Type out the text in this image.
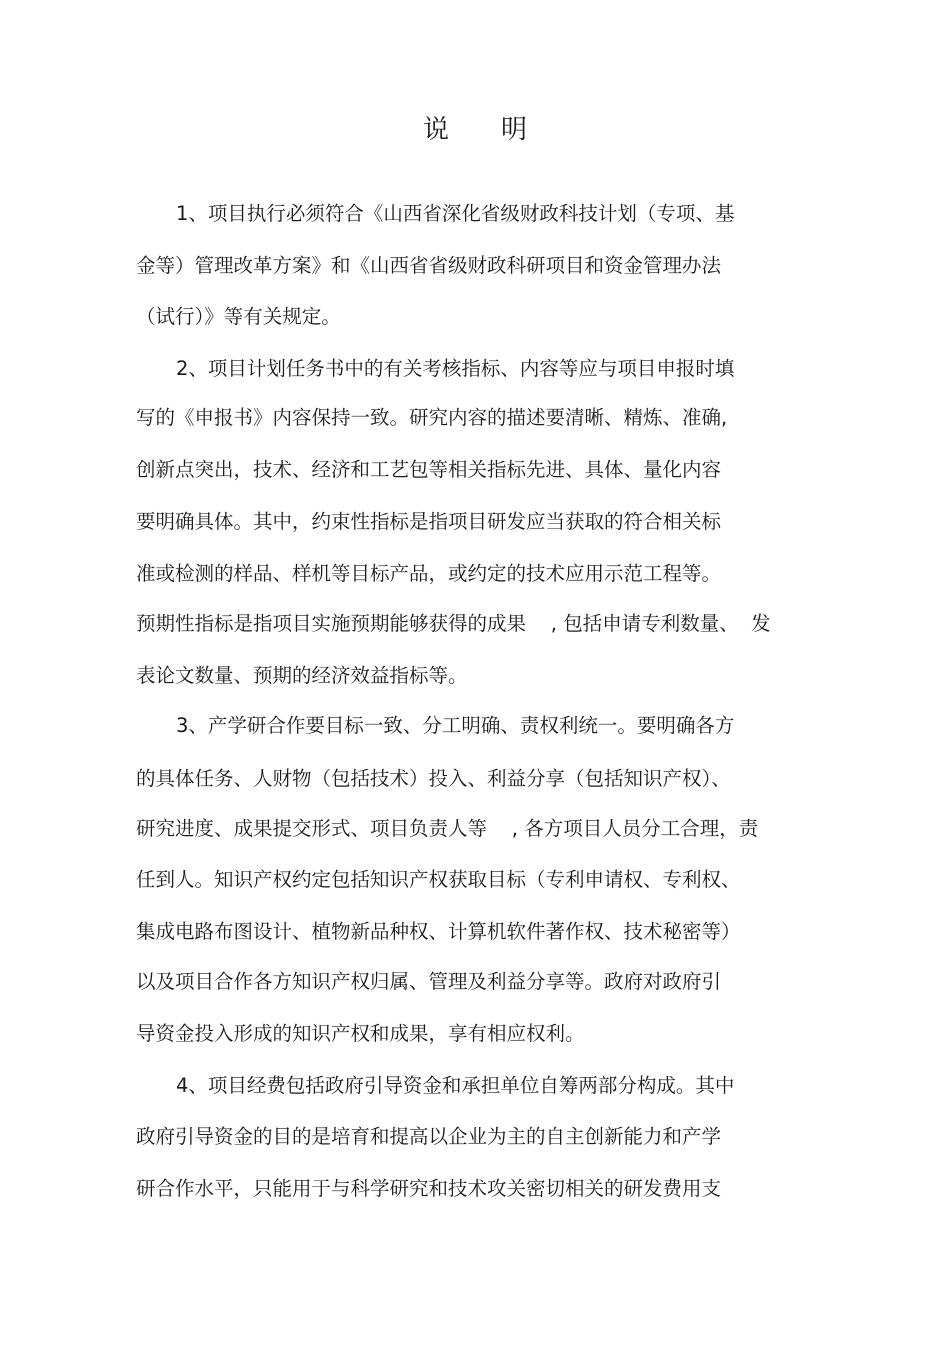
说明
1、项目执行必须符合《山西省深化省级财政科技计划（专项、基
金等）管理改革方案》和《山西省省级财政科研项目和资金管理办法
（试行）》等有关规定。
2、项目计划任务书中的有关考核指标、内容等应与项目申报时填
写的《申报书》内容保持一致。研究内容的描述要清晰、精炼、准确,
创新点突出，技术、经济和工艺包等相关指标先进、具体、量化内容
要明确具体。其中，约束性指标是指项目研发应当获取的符合相关标
准或检测的样品、样机等目标产品，或约定的技术应用示范工程等。
预期性指标是指项目实施预期能够获得的成果    , 包括申请专利数量、  发
表论文数量、预期的经济效益指标等。
3、产学研合作要目标一致、分工明确、责权利统一。要明确各方
的具体任务、人财物（包括技术）投入、利益分享（包括知识产权）、
研究进度、成果提交形式、项目负责人等    , 各方项目人员分工合理，责
任到人。知识产权约定包括知识产权获取目标（专利申请权、专利权、
集成电路布图设计、植物新品种权、计算机软件著作权、技术秘密等）
以及项目合作各方知识产权归属、管理及利益分享等。政府对政府引
导资金投入形成的知识产权和成果，享有相应权利。
4、项目经费包括政府引导资金和承担单位自筹两部分构成。其中
政府引导资金的目的是培育和提高以企业为主的自主创新能力和产学
研合作水平，只能用于与科学研究和技术攻关密切相关的研发费用支
